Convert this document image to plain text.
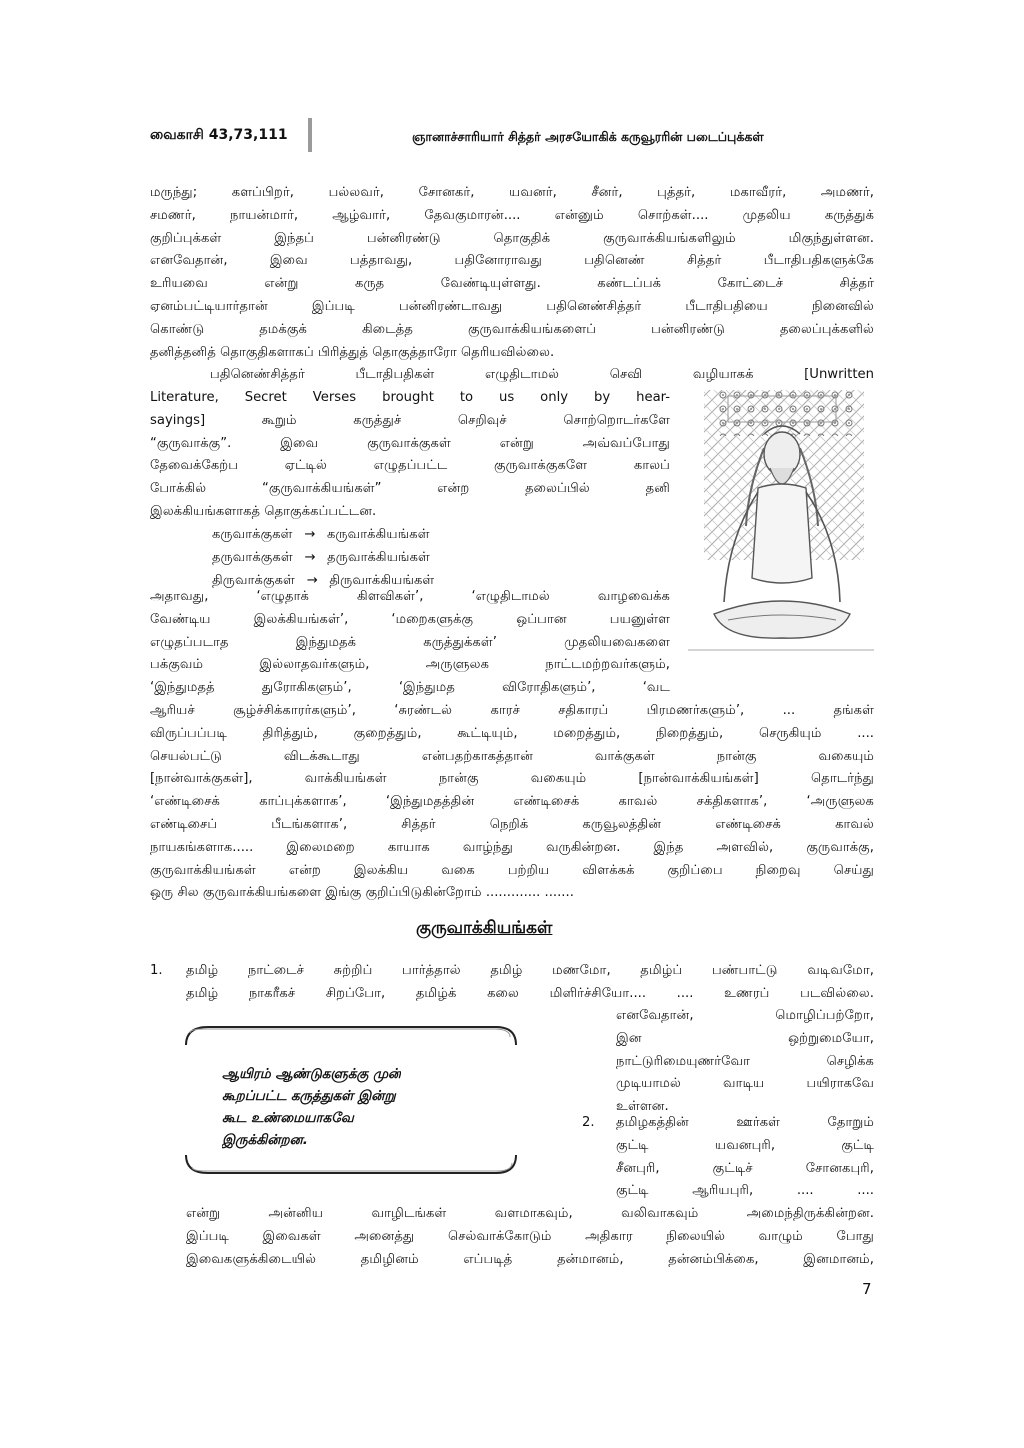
வைகாசி 43,73,111	ஞானாச்சாரியார் சித்தர் அரசயோகிக் கருவூரரின் படைப்புக்கள்
மருந்து; களப்பிறர், பல்லவர், சோனகர், யவனர், சீனர், புத்தர், மகாவீரர், அமணர்,
சமணர், நாயன்மார், ஆழ்வார், தேவகுமாரன்.... என்னும் சொற்கள்.... முதலிய கருத்துக்
குறிப்புக்கள் இந்தப் பன்னிரண்டு தொகுதிக் குருவாக்கியங்களிலும் மிகுந்துள்ளன.
எனவேதான், இவை பத்தாவது, பதினோராவது பதினெண் சித்தர் பீடாதிபதிகளுக்கே
உரியவை என்று கருத வேண்டியுள்ளது. கண்டப்பக் கோட்டைச் சித்தர்
ஏனம்பட்டியார்தான் இப்படி பன்னிரண்டாவது பதினெண்சித்தர் பீடாதிபதியை நினைவில்
கொண்டு தமக்குக் கிடைத்த குருவாக்கியங்களைப் பன்னிரண்டு தலைப்புக்களில்
தனித்தனித் தொகுதிகளாகப் பிரித்துத் தொகுத்தாரோ தெரியவில்லை.
பதினெண்சித்தர் பீடாதிபதிகள் எழுதிடாமல் செவி வழியாகக் [Unwritten
Literature, Secret Verses brought to us only by hear-
sayings] கூறும் கருத்துச் செறிவுச் சொற்றொடர்களே
“குருவாக்கு”. இவை குருவாக்குகள் என்று அவ்வப்போது
தேவைக்கேற்ப ஏட்டில் எழுதப்பட்ட குருவாக்குகளே காலப்
போக்கில் “குருவாக்கியங்கள்” என்ற தலைப்பில் தனி
இலக்கியங்களாகத் தொகுக்கப்பட்டன.
கருவாக்குகள் → கருவாக்கியங்கள்
தருவாக்குகள் → தருவாக்கியங்கள்
திருவாக்குகள் → திருவாக்கியங்கள்
அதாவது, ‘எழுதாக் கிளவிகள்’, ‘எழுதிடாமல் வாழவைக்க
வேண்டிய இலக்கியங்கள்’, ‘மறைகளுக்கு ஒப்பான பயனுள்ள
எழுதப்படாத இந்துமதக் கருத்துக்கள்’ முதலியவைகளை
பக்குவம் இல்லாதவர்களும், அருளுலக நாட்டமற்றவர்களும்,
‘இந்துமதத் துரோகிகளும்’, ‘இந்துமத விரோதிகளும்’, ‘வட
ஆரியச் சூழ்ச்சிக்காரர்களும்’, ‘சுரண்டல் காரச் சதிகாரப் பிரமணர்களும்’, ... தங்கள்
விருப்பப்படி திரித்தும், குறைத்தும், கூட்டியும், மறைத்தும், நிறைத்தும், செருகியும் ....
செயல்பட்டு விடக்கூடாது என்பதற்காகத்தான் வாக்குகள் நான்கு வகையும்
[நான்வாக்குகள்], வாக்கியங்கள் நான்கு வகையும் [நான்வாக்கியங்கள்] தொடர்ந்து
‘எண்டிசைக் காப்புக்களாக’, ‘இந்துமதத்தின் எண்டிசைக் காவல் சக்திகளாக’, ‘அருளுலக
எண்டிசைப் பீடங்களாக’, சித்தர் நெறிக் கருவூலத்தின் எண்டிசைக் காவல்
நாயகங்களாக..... இலைமறை காயாக வாழ்ந்து வருகின்றன. இந்த அளவில், குருவாக்கு,
குருவாக்கியங்கள் என்ற இலக்கிய வகை பற்றிய விளக்கக் குறிப்பை நிறைவு செய்து
ஒரு சில குருவாக்கியங்களை இங்கு குறிப்பிடுகின்றோம் ............. .......
குருவாக்கியங்கள்
1. தமிழ் நாட்டைச் சுற்றிப் பார்த்தால் தமிழ் மணமோ, தமிழ்ப் பண்பாட்டு வடிவமோ,
தமிழ் நாகரீகச் சிறப்போ, தமிழ்க் கலை மிளிர்ச்சியோ.... .... உணரப் படவில்லை.
எனவேதான், மொழிப்பற்றோ,
இன ஒற்றுமையோ,
நாட்டுரிமையுணர்வோ செழிக்க
முடியாமல் வாடிய பயிராகவே
உள்ளன.
2. தமிழகத்தின் ஊர்கள் தோறும்
குட்டி யவனபுரி, குட்டி
சீனபுரி, குட்டிச் சோனகபுரி,
குட்டி ஆரியபுரி, .... ....
ஆயிரம் ஆண்டுகளுக்கு முன்
கூறப்பட்ட கருத்துகள் இன்று
கூட உண்மையாகவே
இருக்கின்றன.
என்று அன்னிய வாழிடங்கள் வளமாகவும், வலிவாகவும் அமைந்திருக்கின்றன.
இப்படி இவைகள் அனைத்து செல்வாக்கோடும் அதிகார நிலையில் வாழும் போது
இவைகளுக்கிடையில் தமிழினம் எப்படித் தன்மானம், தன்னம்பிக்கை, இனமானம்,
7
